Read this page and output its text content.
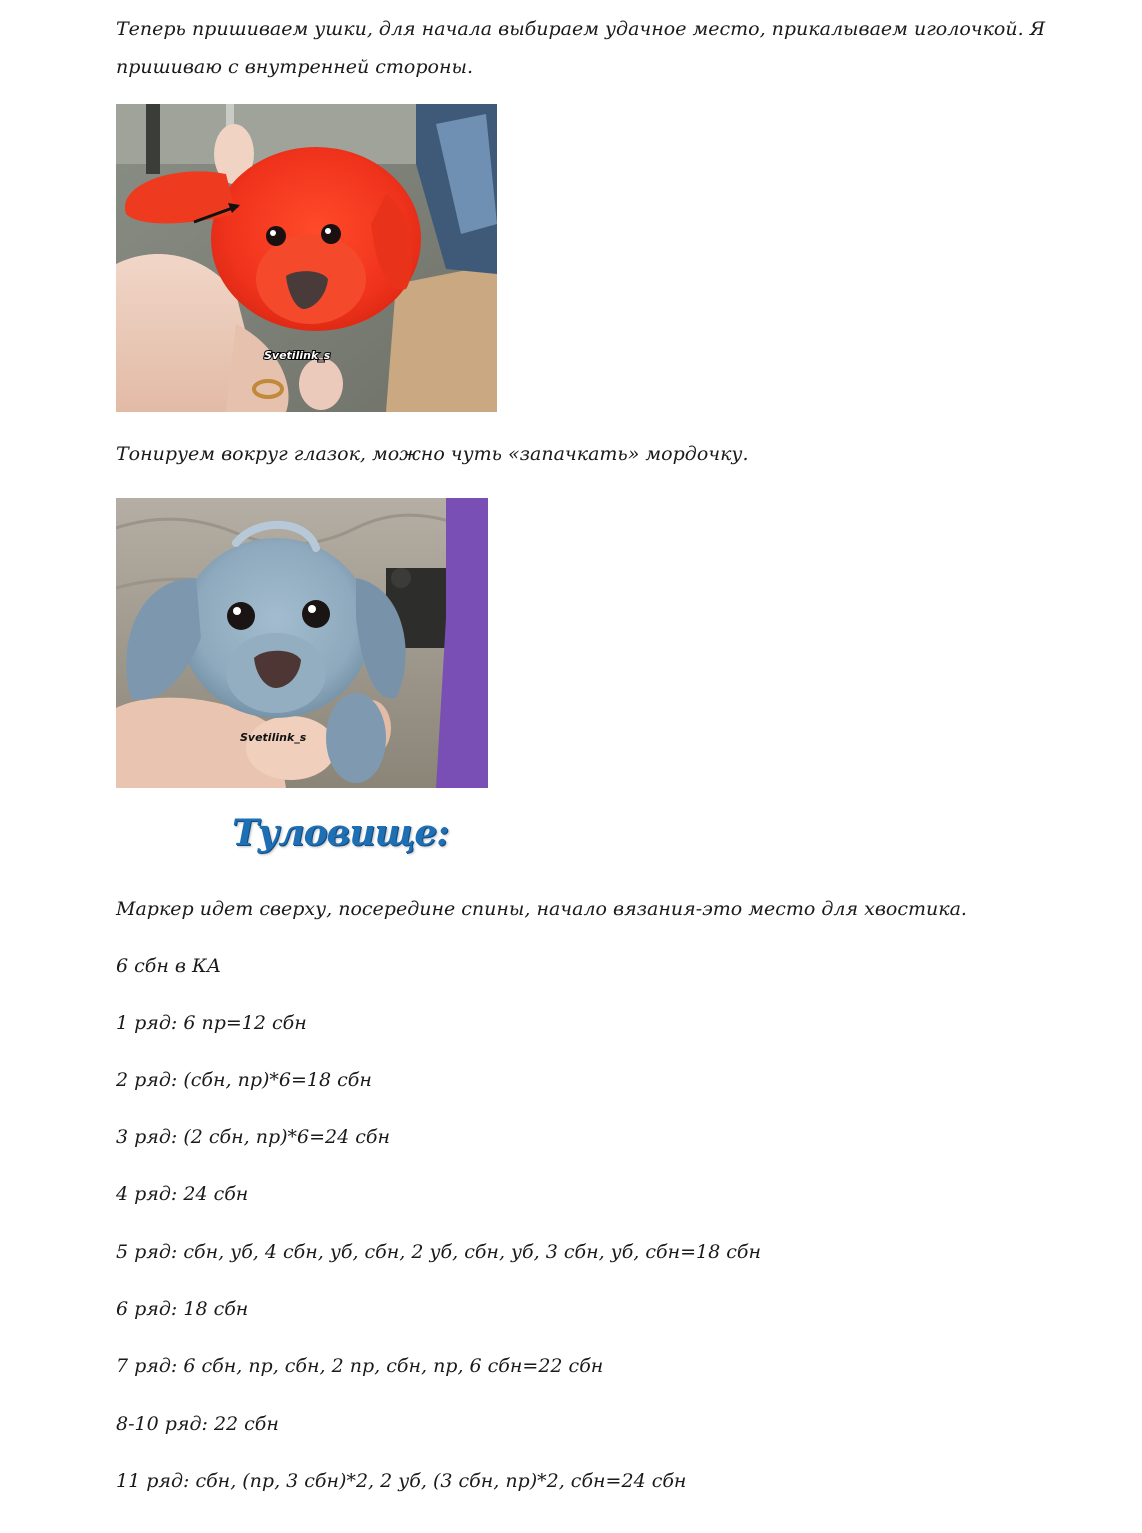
Теперь пришиваем ушки, для начала выбираем удачное место, прикалываем иголочкой. Я пришиваю с внутренней стороны.
Svetilink_s
Тонируем вокруг глазок, можно чуть «запачкать» мордочку.
Svetilink_s
Туловище:
Маркер идет сверху, посередине спины, начало вязания-это место для хвостика.
6 сбн в КА
1 ряд: 6 пр=12 сбн
2 ряд: (сбн, пр)*6=18 сбн
3 ряд: (2 сбн, пр)*6=24 сбн
4 ряд: 24 сбн
5 ряд: сбн, уб, 4 сбн, уб, сбн, 2 уб, сбн, уб, 3 сбн, уб, сбн=18 сбн
6 ряд: 18 сбн
7 ряд: 6 сбн, пр, сбн, 2 пр, сбн, пр, 6 сбн=22 сбн
8-10 ряд: 22 сбн
11 ряд: сбн, (пр, 3 сбн)*2, 2 уб, (3 сбн, пр)*2, сбн=24 сбн
